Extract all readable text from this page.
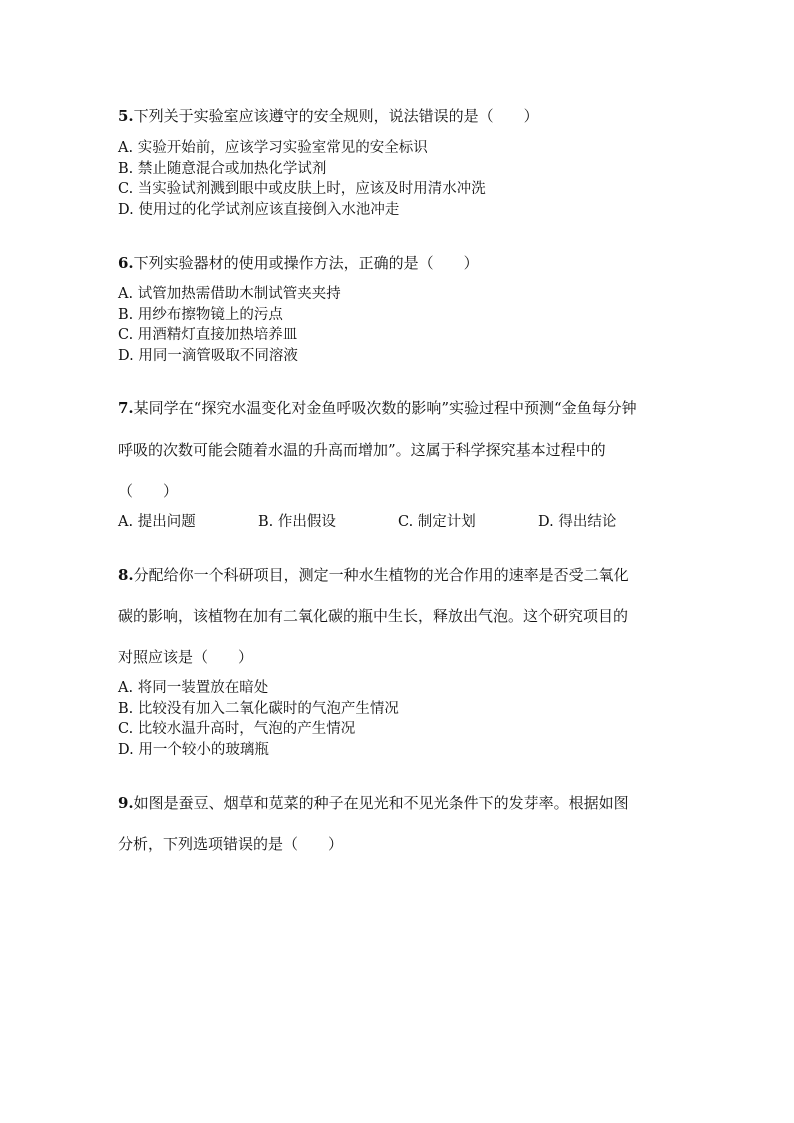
5.下列关于实验室应该遵守的安全规则，说法错误的是（　　）
A. 实验开始前，应该学习实验室常见的安全标识
B. 禁止随意混合或加热化学试剂
C. 当实验试剂溅到眼中或皮肤上时，应该及时用清水冲洗
D. 使用过的化学试剂应该直接倒入水池冲走
6.下列实验器材的使用或操作方法，正确的是（　　）
A. 试管加热需借助木制试管夹夹持
B. 用纱布擦物镜上的污点
C. 用酒精灯直接加热培养皿
D. 用同一滴管吸取不同溶液
7.某同学在“探究水温变化对金鱼呼吸次数的影响”实验过程中预测“金鱼每分钟
呼吸的次数可能会随着水温的升高而增加”。这属于科学探究基本过程中的
（　　）
A. 提出问题	B. 作出假设	C. 制定计划	D. 得出结论
8.分配给你一个科研项目，测定一种水生植物的光合作用的速率是否受二氧化
碳的影响，该植物在加有二氧化碳的瓶中生长，释放出气泡。这个研究项目的
对照应该是（　　）
A. 将同一装置放在暗处
B. 比较没有加入二氧化碳时的气泡产生情况
C. 比较水温升高时，气泡的产生情况
D. 用一个较小的玻璃瓶
9.如图是蚕豆、烟草和苋菜的种子在见光和不见光条件下的发芽率。根据如图
分析，下列选项错误的是（　　）
